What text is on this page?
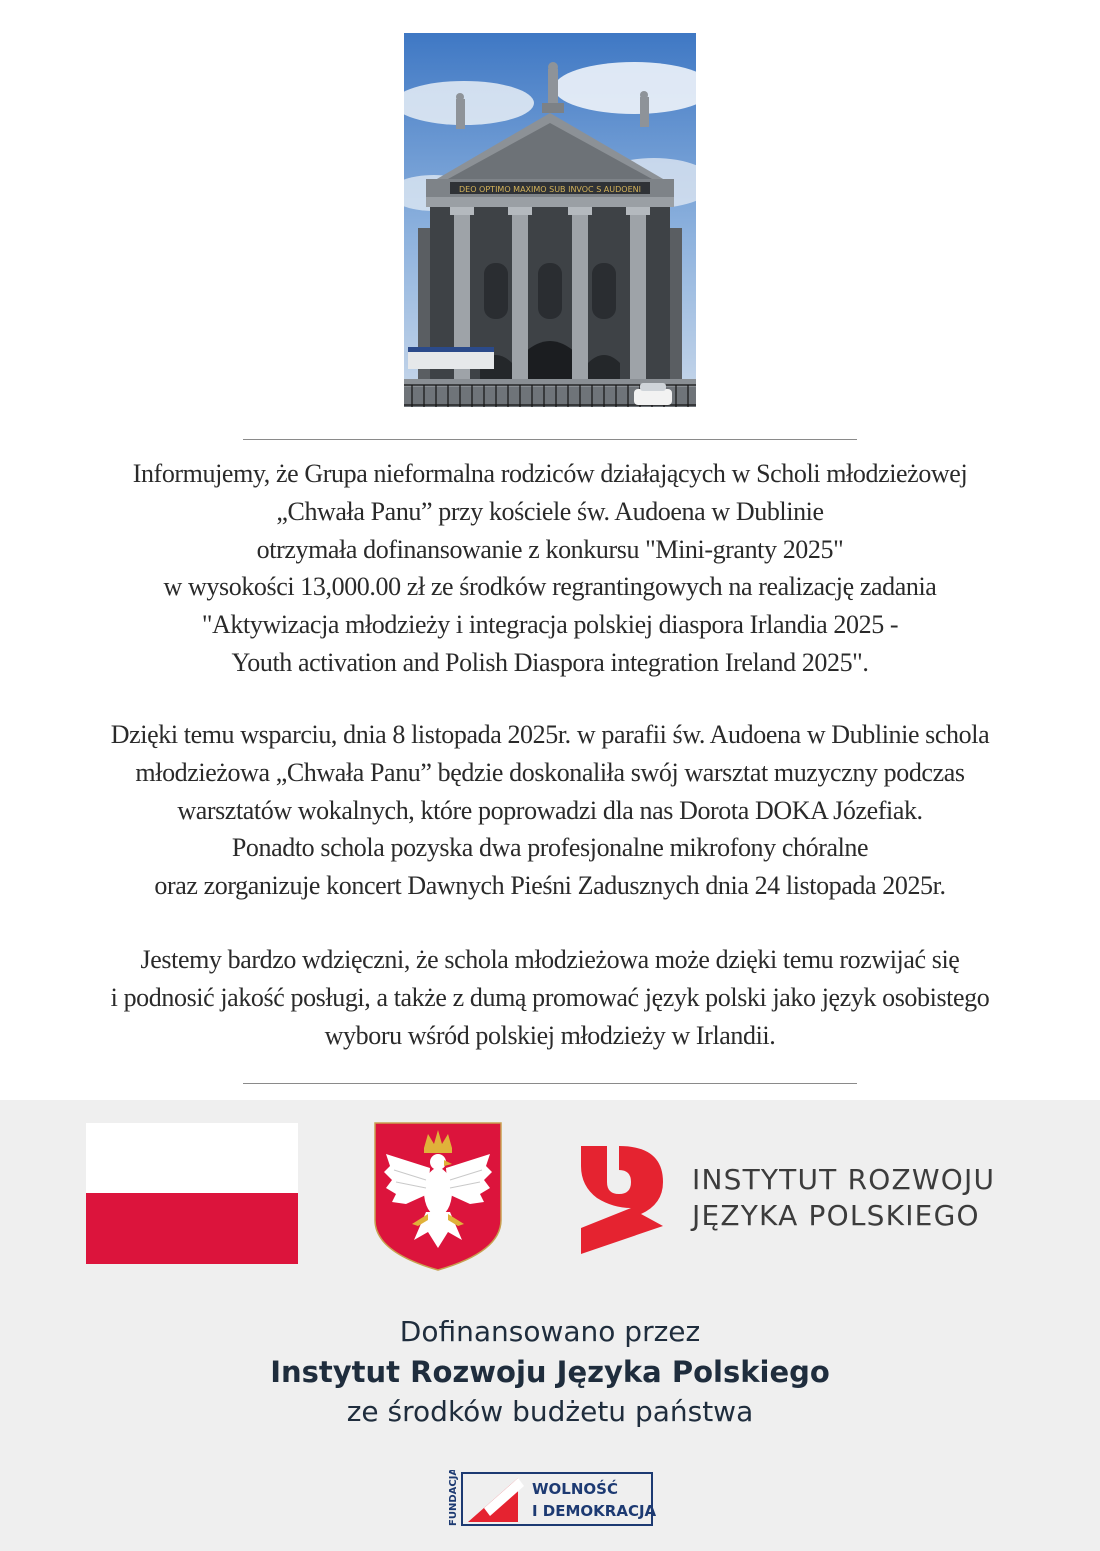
DEO OPTIMO MAXIMO SUB INVOC S AUDOENI
Informujemy, że Grupa nieformalna rodziców działających w Scholi młodzieżowej
„Chwała Panu” przy kościele św. Audoena w Dublinie
otrzymała dofinansowanie z konkursu "Mini-granty 2025"
w wysokości 13,000.00 zł ze środków regrantingowych na realizację zadania
"Aktywizacja młodzieży i integracja polskiej diaspora Irlandia 2025 -
Youth activation and Polish Diaspora integration Ireland 2025".
Dzięki temu wsparciu, dnia 8 listopada 2025r. w parafii św. Audoena w Dublinie schola
młodzieżowa „Chwała Panu” będzie doskonaliła swój warsztat muzyczny podczas
warsztatów wokalnych, które poprowadzi dla nas Dorota DOKA Józefiak.
Ponadto schola pozyska dwa profesjonalne mikrofony chóralne
oraz zorganizuje koncert Dawnych Pieśni Zadusznych dnia 24 listopada 2025r.
Jestemy bardzo wdzięczni, że schola młodzieżowa może dzięki temu rozwijać się
i podnosić jakość posługi, a także z dumą promować język polski jako język osobistego
wyboru wśród polskiej młodzieży w Irlandii.
INSTYTUT ROZWOJU
JĘZYKA POLSKIEGO
Dofinansowano przez
Instytut Rozwoju Języka Polskiego
ze środków budżetu państwa
FUNDACJA	WOLNOŚĆ
I DEMOKRACJA
